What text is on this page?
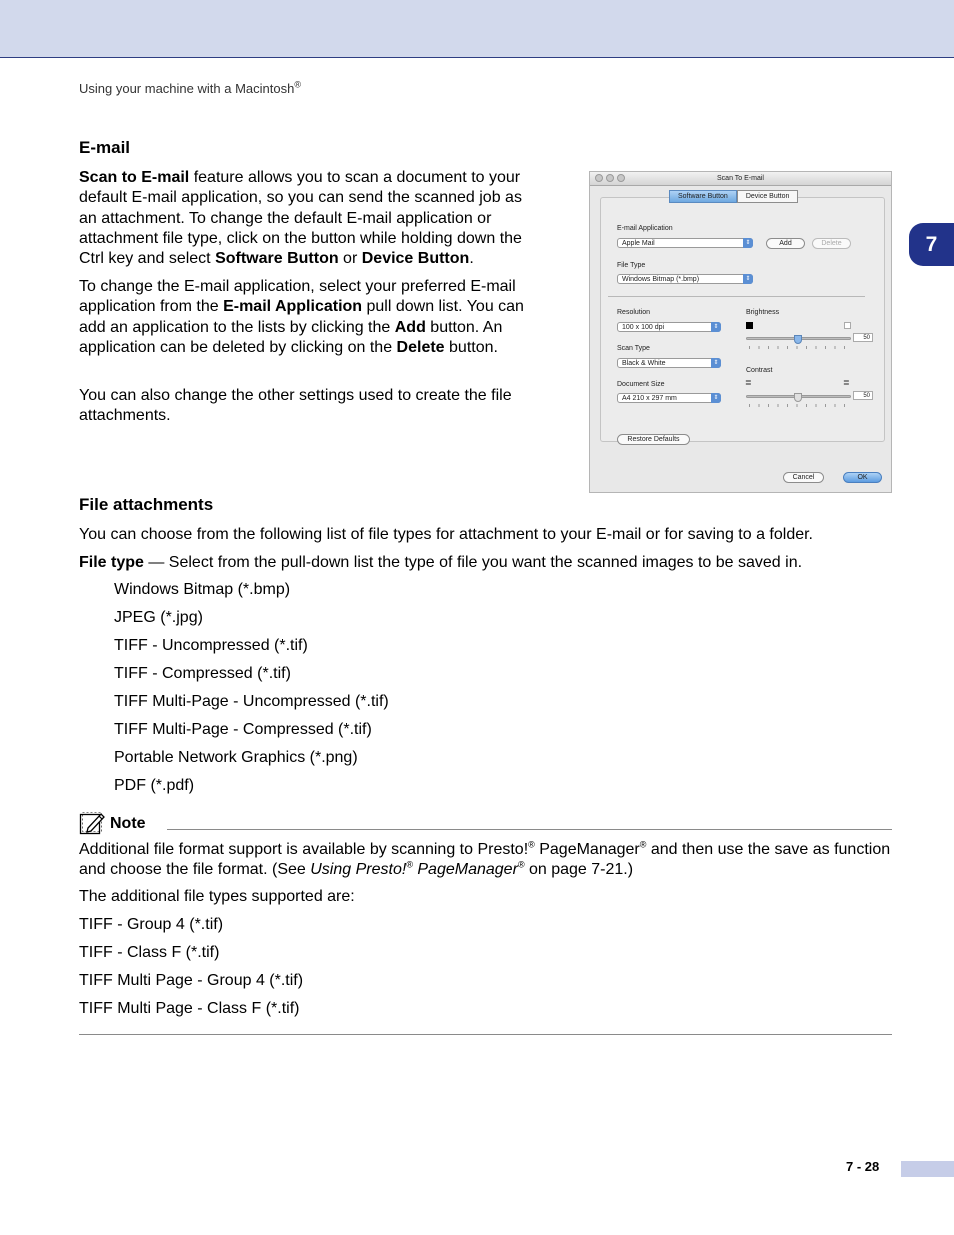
Using your machine with a Macintosh®
7
E-mail

Scan to E-mail feature allows you to scan a document to your default E-mail application, so you can send the scanned job as an attachment. To change the default E-mail application or attachment file type, click on the button while holding down the Ctrl key and select Software Button or Device Button.

To change the E-mail application, select your preferred E-mail application from the E-mail Application pull down list. You can add an application to the lists by clicking the Add button. An application can be deleted by clicking on the Delete button.

You can also change the other settings used to create the file attachments.

Scan To E-mail
Software Button	Device Button
E-mail Application
Apple Mail	⇕	Add	Delete
File Type
Windows Bitmap (*.bmp)	⇕
Resolution
100 x 100 dpi	⇕
Scan Type
Black & White	⇕
Document Size
A4 210 x 297 mm	⇕
Brightness
50
Contrast
≣	≣
50
Restore Defaults
Cancel	OK
File attachments

You can choose from the following list of file types for attachment to your E-mail or for saving to a folder.

File type — Select from the pull-down list the type of file you want the scanned images to be saved in.

Windows Bitmap (*.bmp)
JPEG (*.jpg)
TIFF - Uncompressed (*.tif)
TIFF - Compressed (*.tif)
TIFF Multi-Page - Uncompressed (*.tif)
TIFF Multi-Page - Compressed (*.tif)
Portable Network Graphics (*.png)
PDF (*.pdf)
Note

Additional file format support is available by scanning to Presto!® PageManager® and then use the save as function and choose the file format. (See Using Presto!® PageManager® on page 7-21.)

The additional file types supported are:
TIFF - Group 4 (*.tif)
TIFF - Class F (*.tif)
TIFF Multi Page - Group 4 (*.tif)
TIFF Multi Page - Class F (*.tif)
7 - 28
